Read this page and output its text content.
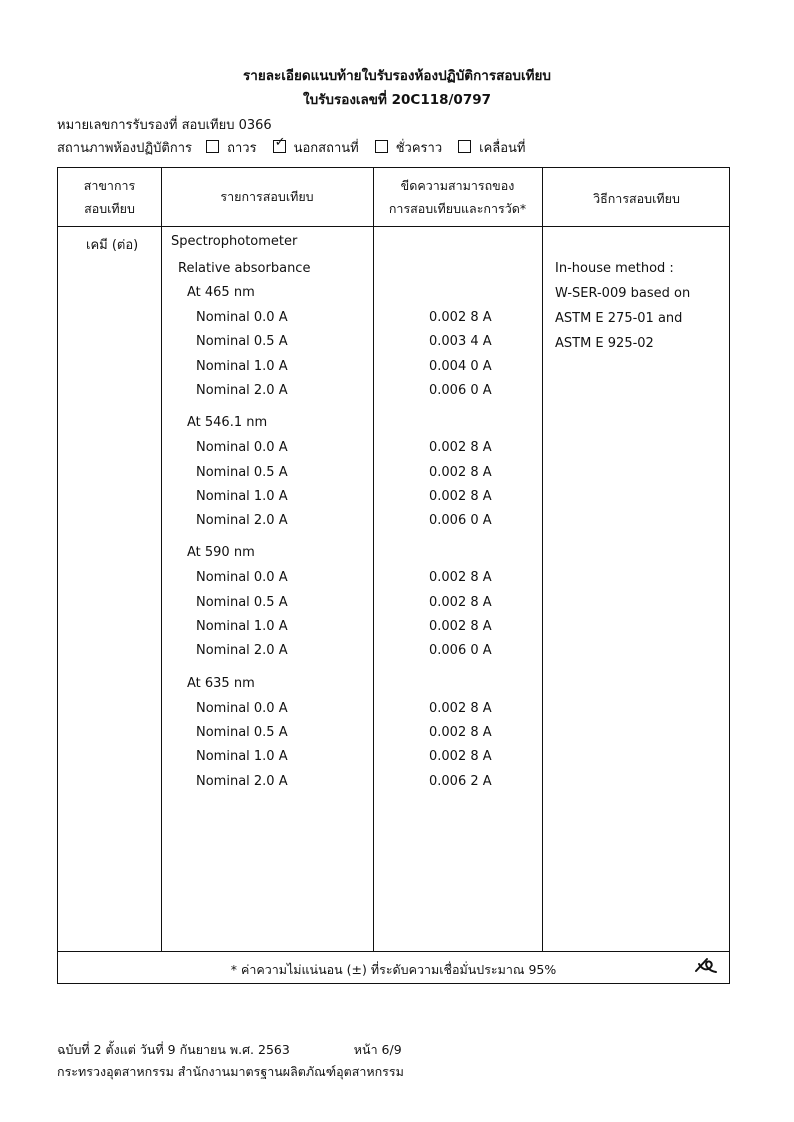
รายละเอียดแนบท้ายใบรับรองห้องปฏิบัติการสอบเทียบ
ใบรับรองเลขที่ 20C118/0797
หมายเลขการรับรองที่ สอบเทียบ 0366
สถานภาพห้องปฏิบัติการ	ถาวร ✓ นอกสถานที่	ชั่วคราว	เคลื่อนที่
สาขาการ
สอบเทียบ
รายการสอบเทียบ
ขีดความสามารถของ
การสอบเทียบและการวัด*
วิธีการสอบเทียบ
เคมี (ต่อ)	Spectrophotometer
Relative absorbance	In-house method :
W-SER-009 based on
ASTM E 275-01 and
ASTM E 925-02
At 465 nm
Nominal 0.0 A	0.002 8 A
Nominal 0.5 A	0.003 4 A
Nominal 1.0 A	0.004 0 A
Nominal 2.0 A	0.006 0 A
At 546.1 nm
Nominal 0.0 A	0.002 8 A
Nominal 0.5 A	0.002 8 A
Nominal 1.0 A	0.002 8 A
Nominal 2.0 A	0.006 0 A
At 590 nm
Nominal 0.0 A	0.002 8 A
Nominal 0.5 A	0.002 8 A
Nominal 1.0 A	0.002 8 A
Nominal 2.0 A	0.006 0 A
At 635 nm
Nominal 0.0 A	0.002 8 A
Nominal 0.5 A	0.002 8 A
Nominal 1.0 A	0.002 8 A
Nominal 2.0 A	0.006 2 A
* ค่าความไม่แน่นอน (±) ที่ระดับความเชื่อมั่นประมาณ 95%
ฉบับที่ 2 ตั้งแต่ วันที่ 9 กันยายน พ.ศ. 2563	หน้า 6/9
กระทรวงอุตสาหกรรม สำนักงานมาตรฐานผลิตภัณฑ์อุตสาหกรรม
